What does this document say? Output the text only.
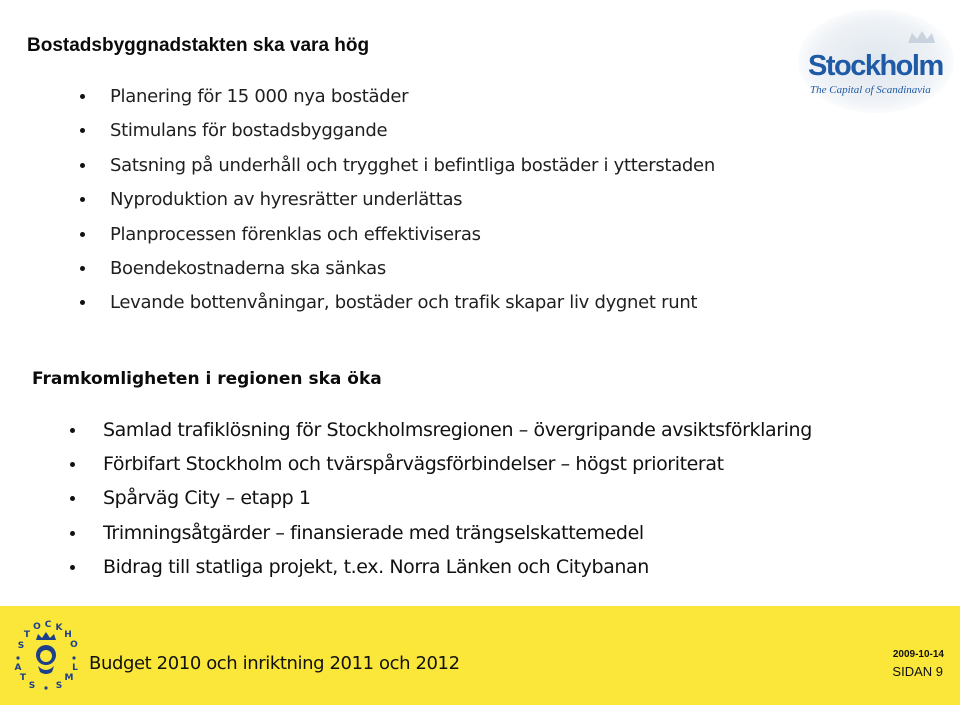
Bostadsbyggnadstakten ska vara hög
Planering för 15 000 nya bostäder
Stimulans för bostadsbyggande
Satsning på underhåll och trygghet i befintliga bostäder i ytterstaden
Nyproduktion av hyresrätter underlättas
Planprocessen förenklas och effektiviseras
Boendekostnaderna ska sänkas
Levande bottenvåningar, bostäder och trafik skapar liv dygnet runt
Framkomligheten i regionen ska öka
Samlad trafiklösning för Stockholmsregionen – övergripande avsiktsförklaring
Förbifart Stockholm och tvärspårvägsförbindelser – högst prioriterat
Spårväg City – etapp 1
Trimningsåtgärder – finansierade med trängselskattemedel
Bidrag till statliga projekt, t.ex. Norra Länken och Citybanan
Stockholm
The Capital of Scandinavia
S
T
O C K
H
O
L
M
S
S
T
A	Budget 2010 och inriktning 2011 och 2012	2009-10-14
SIDAN 9
